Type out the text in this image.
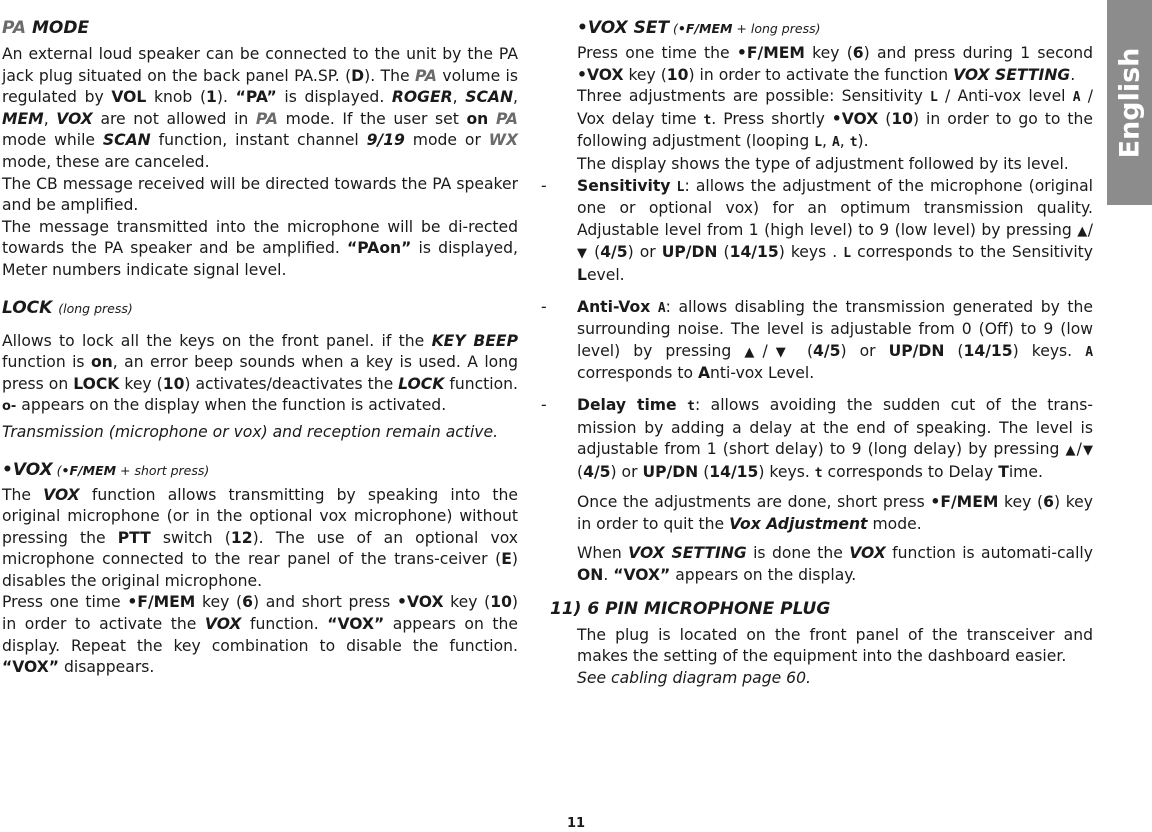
English
PA MODE

An external loud speaker can be connected to the unit by the PA jack plug situated on the back panel PA.SP. (D). The PA volume is regulated by VOL knob (1). “PA” is displayed. ROGER, SCAN, MEM, VOX are not allowed in PA mode. If the user set on PA mode while SCAN function, instant channel 9/19 mode or WX mode, these are canceled.

The CB message received will be directed towards the PA speaker and be amplified.

The message transmitted into the microphone will be di-rected towards the PA speaker and be amplified. “PAon” is displayed, Meter numbers indicate signal level.

LOCK (long press)

Allows to lock all the keys on the front panel. if the KEY BEEP function is on, an error beep sounds when a key is used. A long press on LOCK key (10) activates/deactivates the LOCK function. o- appears on the display when the function is activated.

Transmission (microphone or vox) and reception remain active.

•VOX (•F/MEM + short press)

The VOX function allows transmitting by speaking into the original microphone (or in the optional vox microphone) without pressing the PTT switch (12). The use of an optional vox microphone connected to the rear panel of the trans-ceiver (E) disables the original microphone.

Press one time •F/MEM key (6) and short press •VOX key (10) in order to activate the VOX function. “VOX” appears on the display. Repeat the key combination to disable the function. “VOX” disappears.

•VOX SET (•F/MEM + long press)

Press one time the •F/MEM key (6) and press during 1 second •VOX key (10) in order to activate the function VOX SETTING.

Three adjustments are possible: Sensitivity L / Anti-vox level A / Vox delay time t. Press shortly •VOX (10) in order to go to the following adjustment (looping L, A, t).

The display shows the type of adjustment followed by its level.

- Sensitivity L: allows the adjustment of the microphone (original one or optional vox) for an optimum transmission quality. Adjustable level from 1 (high level) to 9 (low level) by pressing ▲/▼ (4/5) or UP/DN (14/15) keys . L corresponds to the Sensitivity Level.

- Anti-Vox A: allows disabling the transmission generated by the surrounding noise. The level is adjustable from 0 (Off) to 9 (low level) by pressing ▲/▼ (4/5) or UP/DN (14/15) keys. A corresponds to Anti-vox Level.

- Delay time t: allows avoiding the sudden cut of the trans-mission by adding a delay at the end of speaking. The level is adjustable from 1 (short delay) to 9 (long delay) by pressing ▲/▼ (4/5) or UP/DN (14/15) keys. t corresponds to Delay Time.

Once the adjustments are done, short press •F/MEM key (6) key in order to quit the Vox Adjustment mode.

When VOX SETTING is done the VOX function is automati-cally ON. “VOX” appears on the display.

11) 6 PIN MICROPHONE PLUG

The plug is located on the front panel of the transceiver and makes the setting of the equipment into the dashboard easier.

See cabling diagram page 60.

11
